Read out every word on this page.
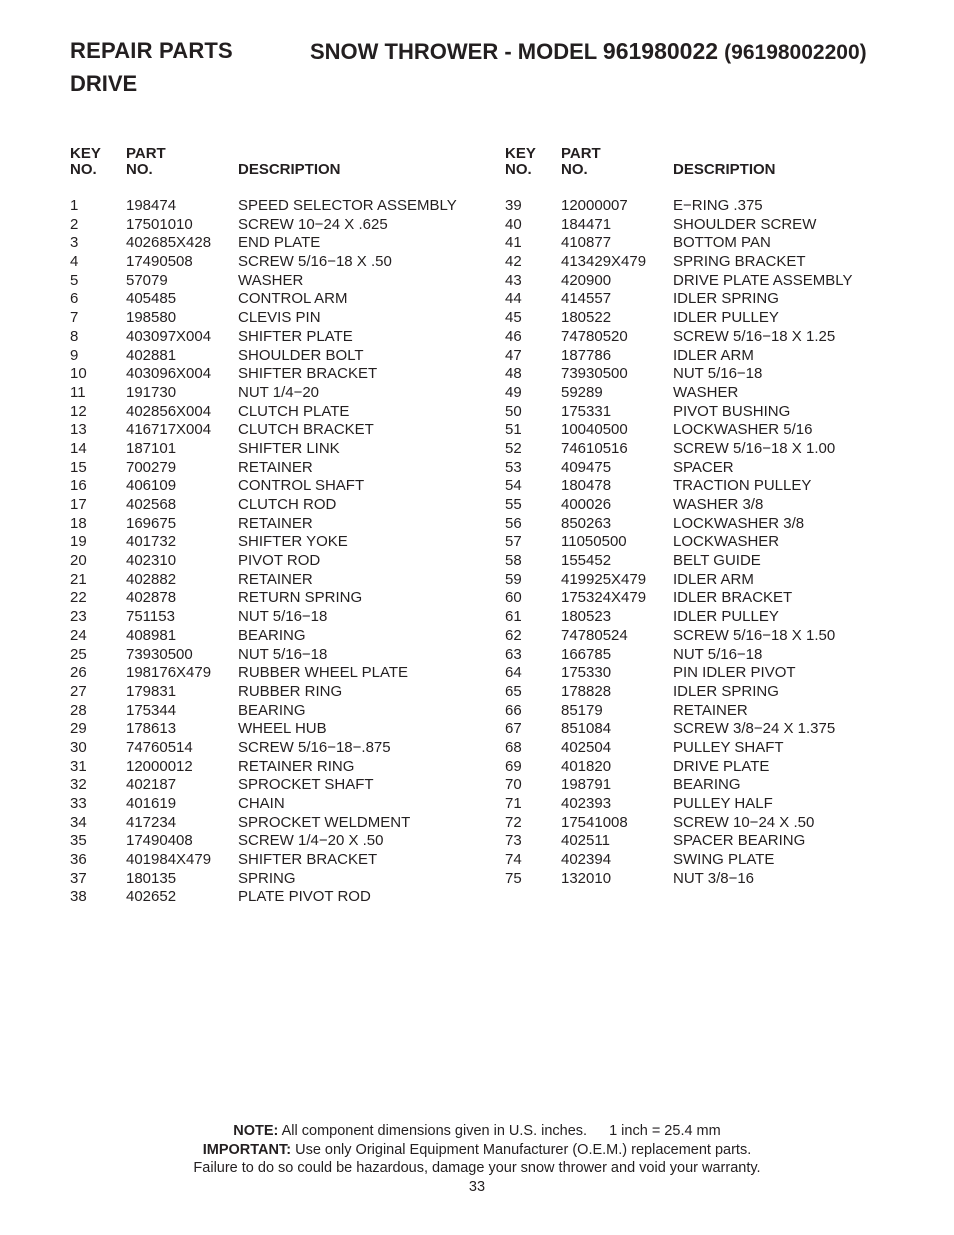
REPAIR PARTS	SNOW THROWER - MODEL 961980022 (96198002200)
DRIVE
KEY
NO.
PART
NO.	DESCRIPTION
1	198474	SPEED SELECTOR ASSEMBLY
2	17501010	SCREW 10−24 X .625
3	402685X428	END PLATE
4	17490508	SCREW 5/16−18 X .50
5	57079	WASHER
6	405485	CONTROL ARM
7	198580	CLEVIS PIN
8	403097X004	SHIFTER PLATE
9	402881	SHOULDER BOLT
10	403096X004	SHIFTER BRACKET
11	191730	NUT 1/4−20
12	402856X004	CLUTCH PLATE
13	416717X004	CLUTCH BRACKET
14	187101	SHIFTER LINK
15	700279	RETAINER
16	406109	CONTROL SHAFT
17	402568	CLUTCH ROD
18	169675	RETAINER
19	401732	SHIFTER YOKE
20	402310	PIVOT ROD
21	402882	RETAINER
22	402878	RETURN SPRING
23	751153	NUT 5/16−18
24	408981	BEARING
25	73930500	NUT 5/16−18
26	198176X479	RUBBER WHEEL PLATE
27	179831	RUBBER RING
28	175344	BEARING
29	178613	WHEEL HUB
30	74760514	SCREW 5/16−18−.875
31	12000012	RETAINER RING
32	402187	SPROCKET SHAFT
33	401619	CHAIN
34	417234	SPROCKET WELDMENT
35	17490408	SCREW 1/4−20 X .50
36	401984X479	SHIFTER BRACKET
37	180135	SPRING
38	402652	PLATE PIVOT ROD
KEY
NO.
PART
NO.	DESCRIPTION
39	12000007	E−RING .375
40	184471	SHOULDER SCREW
41	410877	BOTTOM PAN
42	413429X479	SPRING BRACKET
43	420900	DRIVE PLATE ASSEMBLY
44	414557	IDLER SPRING
45	180522	IDLER PULLEY
46	74780520	SCREW 5/16−18 X 1.25
47	187786	IDLER ARM
48	73930500	NUT 5/16−18
49	59289	WASHER
50	175331	PIVOT BUSHING
51	10040500	LOCKWASHER 5/16
52	74610516	SCREW 5/16−18 X 1.00
53	409475	SPACER
54	180478	TRACTION PULLEY
55	400026	WASHER 3/8
56	850263	LOCKWASHER 3/8
57	11050500	LOCKWASHER
58	155452	BELT GUIDE
59	419925X479	IDLER ARM
60	175324X479	IDLER BRACKET
61	180523	IDLER PULLEY
62	74780524	SCREW 5/16−18 X 1.50
63	166785	NUT 5/16−18
64	175330	PIN IDLER PIVOT
65	178828	IDLER SPRING
66	85179	RETAINER
67	851084	SCREW 3/8−24 X 1.375
68	402504	PULLEY SHAFT
69	401820	DRIVE PLATE
70	198791	BEARING
71	402393	PULLEY HALF
72	17541008	SCREW 10−24 X .50
73	402511	SPACER BEARING
74	402394	SWING PLATE
75	132010	NUT 3/8−16
NOTE: All component dimensions given in U.S. inches. 1 inch = 25.4 mm
IMPORTANT: Use only Original Equipment Manufacturer (O.E.M.) replacement parts.
Failure to do so could be hazardous, damage your snow thrower and void your warranty.
33
